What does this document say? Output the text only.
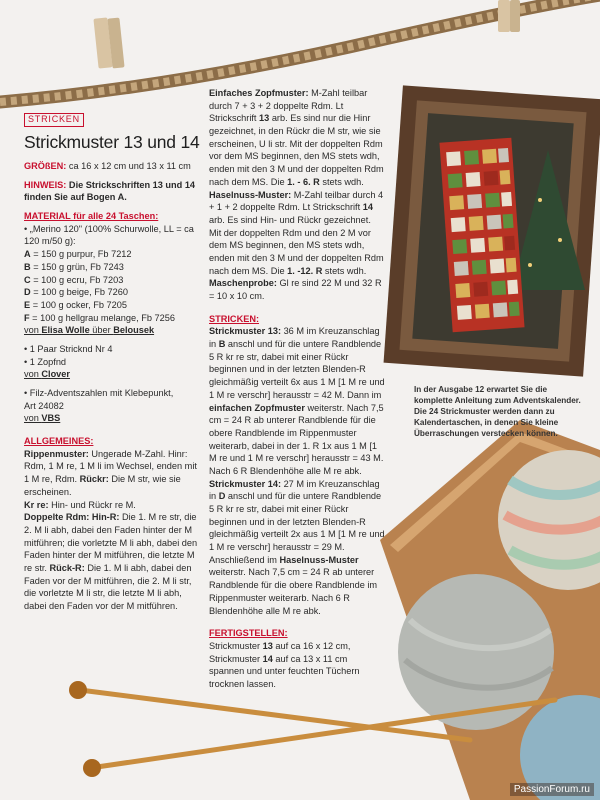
STRICKEN
Strickmuster 13 und 14

GRÖßEN: ca 16 x 12 cm und 13 x 11 cm

HINWEIS: Die Strickschriften 13 und 14 finden Sie auf Bogen A.

MATERIAL für alle 24 Taschen:

• „Merino 120" (100% Schurwolle, LL = ca 120 m/50 g):

A = 150 g purpur, Fb 7212

B = 150 g grün, Fb 7243

C = 100 g ecru, Fb 7203

D = 100 g beige, Fb 7260

E = 100 g ocker, Fb 7205

F = 100 g hellgrau melange, Fb 7256

von Elisa Wolle über Belousek

• 1 Paar Stricknd Nr 4

• 1 Zopfnd

von Clover

• Filz-Adventszahlen mit Klebepunkt,

Art 24082

von VBS

ALLGEMEINES:

Rippenmuster: Ungerade M-Zahl. Hinr: Rdm, 1 M re, 1 M li im Wechsel, enden mit 1 M re, Rdm. Rückr: Die M str, wie sie erscheinen.

Kr re: Hin- und Rückr re M.

Doppelte Rdm: Hin-R: Die 1. M re str, die 2. M li abh, dabei den Faden hinter der M mitführen; die vorletzte M li abh, dabei den Faden hinter der M mitführen, die letzte M re str. Rück-R: Die 1. M li abh, dabei den Faden vor der M mitführen, die 2. M li str, die vorletzte M li str, die letzte M li abh, dabei den Faden vor der M mitführen.

Einfaches Zopfmuster: M-Zahl teilbar durch 7 + 3 + 2 doppelte Rdm. Lt Strickschrift 13 arb. Es sind nur die Hinr gezeichnet, in den Rückr die M str, wie sie erscheinen, U li str. Mit der doppelten Rdm vor dem MS beginnen, den MS stets wdh, enden mit den 3 M und der doppelten Rdm nach dem MS. Die 1. - 6. R stets wdh.

Haselnuss-Muster: M-Zahl teilbar durch 4 + 1 + 2 doppelte Rdm. Lt Strickschrift 14 arb. Es sind Hin- und Rückr gezeichnet. Mit der doppelten Rdm und den 2 M vor dem MS beginnen, den MS stets wdh, enden mit den 3 M und der doppelten Rdm nach dem MS. Die 1. -12. R stets wdh.

Maschenprobe: Gl re sind 22 M und 32 R = 10 x 10 cm.

STRICKEN:

Strickmuster 13: 36 M im Kreuzanschlag in B anschl und für die untere Randblende 5 R kr re str, dabei mit einer Rückr beginnen und in der letzten Blenden-R gleichmäßig verteilt 6x aus 1 M [1 M re und 1 M re verschr] herausstr = 42 M. Dann im einfachen Zopfmuster weiterstr. Nach 7,5 cm = 24 R ab unterer Randblende für die obere Randblende im Rippenmuster weiterarb, dabei in der 1. R 1x aus 1 M [1 M re und 1 M re verschr] herausstr = 43 M. Nach 6 R Blendenhöhe alle M re abk.

Strickmuster 14: 27 M im Kreuzanschlag in D anschl und für die untere Randblende 5 R kr re str, dabei mit einer Rückr beginnen und in der letzten Blenden-R gleichmäßig verteilt 2x aus 1 M [1 M re und 1 M re verschr] herausstr = 29 M. Anschließend im Haselnuss-Muster weiterstr. Nach 7,5 cm = 24 R ab unterer Randblende für die obere Randblende im Rippenmuster weiterarb. Nach 6 R Blendenhöhe alle M re abk.

FERTIGSTELLEN:

Strickmuster 13 auf ca 16 x 12 cm, Strickmuster 14 auf ca 13 x 11 cm spannen und unter feuchten Tüchern trocknen lassen.

In der Ausgabe 12 erwartet Sie die komplette Anleitung zum Adventskalender. Die 24 Strickmuster werden dann zu Kalendertaschen, in denen Sie kleine Überraschungen verstecken können.
PassionForum.ru
